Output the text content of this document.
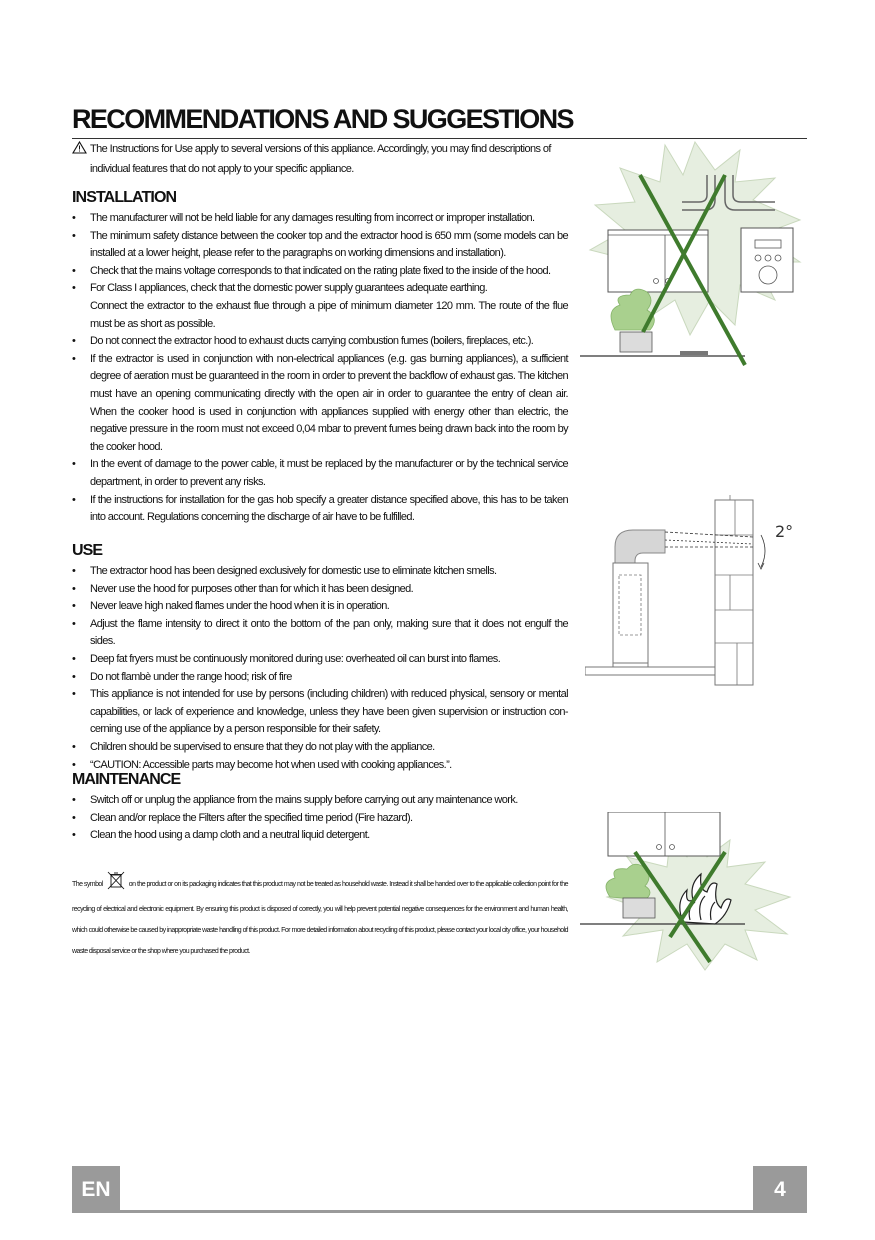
RECOMMENDATIONS AND SUGGESTIONS
The Instructions for Use apply to several versions of this appliance. Accordingly, you may find descriptions of
individual features that do not apply to your specific appliance.
INSTALLATION
• The manufacturer will not be held liable for any damages resulting from incorrect or improper installation.
• The minimum safety distance between the cooker top and the extractor hood is 650 mm (some models can be installed at a lower height, please refer to the paragraphs on working dimensions and installation).
• Check that the mains voltage corresponds to that indicated on the rating plate fixed to the inside of the hood.
• For Class I appliances, check that the domestic power supply guarantees adequate earthing.
Connect the extractor to the exhaust flue through a pipe of minimum diameter 120 mm. The route of the flue must be as short as possible.
• Do not connect the extractor hood to exhaust ducts carrying combustion fumes (boilers, fireplaces, etc.).
• If the extractor is used in conjunction with non-electrical appliances (e.g. gas burning appliances), a sufficient degree of aeration must be guaranteed in the room in order to prevent the backflow of exhaust gas. The kitchen must have an opening communicating directly with the open air in order to guarantee the entry of clean air. When the cooker hood is used in conjunction with appliances supplied with energy other than electric, the negative pressure in the room must not exceed 0,04 mbar to prevent fumes being drawn back into the room by the cooker hood.
• In the event of damage to the power cable, it must be replaced by the manufacturer or by the technical service department, in order to prevent any risks.
• If the instructions for installation for the gas hob specify a greater distance specified above, this has to be taken into account. Regulations concerning the discharge of air have to be fulfilled.
USE
• The extractor hood has been designed exclusively for domestic use to eliminate kitchen smells.
• Never use the hood for purposes other than for which it has been designed.
• Never leave high naked flames under the hood when it is in operation.
• Adjust the flame intensity to direct it onto the bottom of the pan only, making sure that it does not engulf the sides.
• Deep fat fryers must be continuously monitored during use: overheated oil can burst into flames.
• Do not flambè under the range hood; risk of fire
• This appliance is not intended for use by persons (including children) with reduced physical, sensory or mental capabilities, or lack of experience and knowledge, unless they have been given supervision or instruction con-cerning use of the appliance by a person responsible for their safety.
• Children should be supervised to ensure that they do not play with the appliance.
• “CAUTION: Accessible parts may become hot when used with cooking appliances.”.
MAINTENANCE
• Switch off or unplug the appliance from the mains supply before carrying out any maintenance work.
• Clean and/or replace the Filters after the specified time period (Fire hazard).
• Clean the hood using a damp cloth and a neutral liquid detergent.
The symbol	on the product or on its packaging indicates that this product may not be treated as household waste. Instead it shall be handed over to the applicable collection point for the recycling of electrical and electronic equipment. By ensuring this product is disposed of correctly, you will help prevent potential negative consequences for the environment and human health, which could otherwise be caused by inappropriate waste handling of this product. For more detailed information about recycling of this product, please contact your local city office, your household waste disposal service or the shop where you purchased the product.
2°
EN	4
